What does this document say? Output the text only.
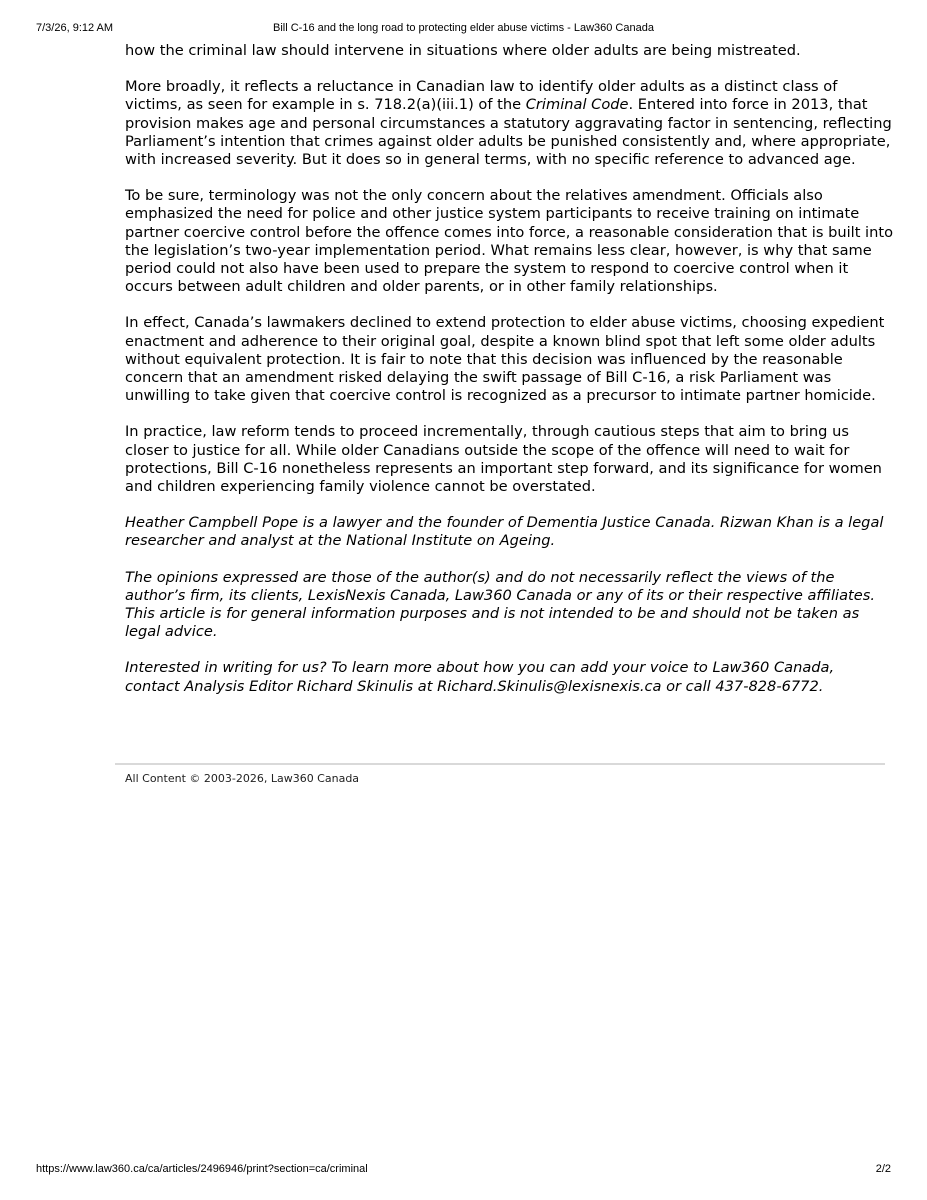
Bill C-16 and the long road to protecting elder abuse victims - Law360 Canada
7/3/26, 9:12 AM

how the criminal law should intervene in situations where older adults are being mistreated.

More broadly, it reflects a reluctance in Canadian law to identify older adults as a distinct class of victims, as seen for example in s. 718.2(a)(iii.1) of the Criminal Code. Entered into force in 2013, that provision makes age and personal circumstances a statutory aggravating factor in sentencing, reflecting Parliament’s intention that crimes against older adults be punished consistently and, where appropriate, with increased severity. But it does so in general terms, with no specific reference to advanced age.

To be sure, terminology was not the only concern about the relatives amendment. Officials also emphasized the need for police and other justice system participants to receive training on intimate partner coercive control before the offence comes into force, a reasonable consideration that is built into the legislation’s two-year implementation period. What remains less clear, however, is why that same period could not also have been used to prepare the system to respond to coercive control when it occurs between adult children and older parents, or in other family relationships.

In effect, Canada’s lawmakers declined to extend protection to elder abuse victims, choosing expedient enactment and adherence to their original goal, despite a known blind spot that left some older adults without equivalent protection. It is fair to note that this decision was influenced by the reasonable concern that an amendment risked delaying the swift passage of Bill C-16, a risk Parliament was unwilling to take given that coercive control is recognized as a precursor to intimate partner homicide.

In practice, law reform tends to proceed incrementally, through cautious steps that aim to bring us closer to justice for all. While older Canadians outside the scope of the offence will need to wait for protections, Bill C-16 nonetheless represents an important step forward, and its significance for women and children experiencing family violence cannot be overstated.

Heather Campbell Pope is a lawyer and the founder of Dementia Justice Canada. Rizwan Khan is a legal researcher and analyst at the National Institute on Ageing.

The opinions expressed are those of the author(s) and do not necessarily reflect the views of the author’s firm, its clients, LexisNexis Canada, Law360 Canada or any of its or their respective affiliates. This article is for general information purposes and is not intended to be and should not be taken as legal advice.

Interested in writing for us? To learn more about how you can add your voice to Law360 Canada, contact Analysis Editor Richard Skinulis at Richard.Skinulis@lexisnexis.ca or call 437-828-6772.

All Content © 2003-2026, Law360 Canada
https://www.law360.ca/ca/articles/2496946/print?section=ca/criminal	2/2
